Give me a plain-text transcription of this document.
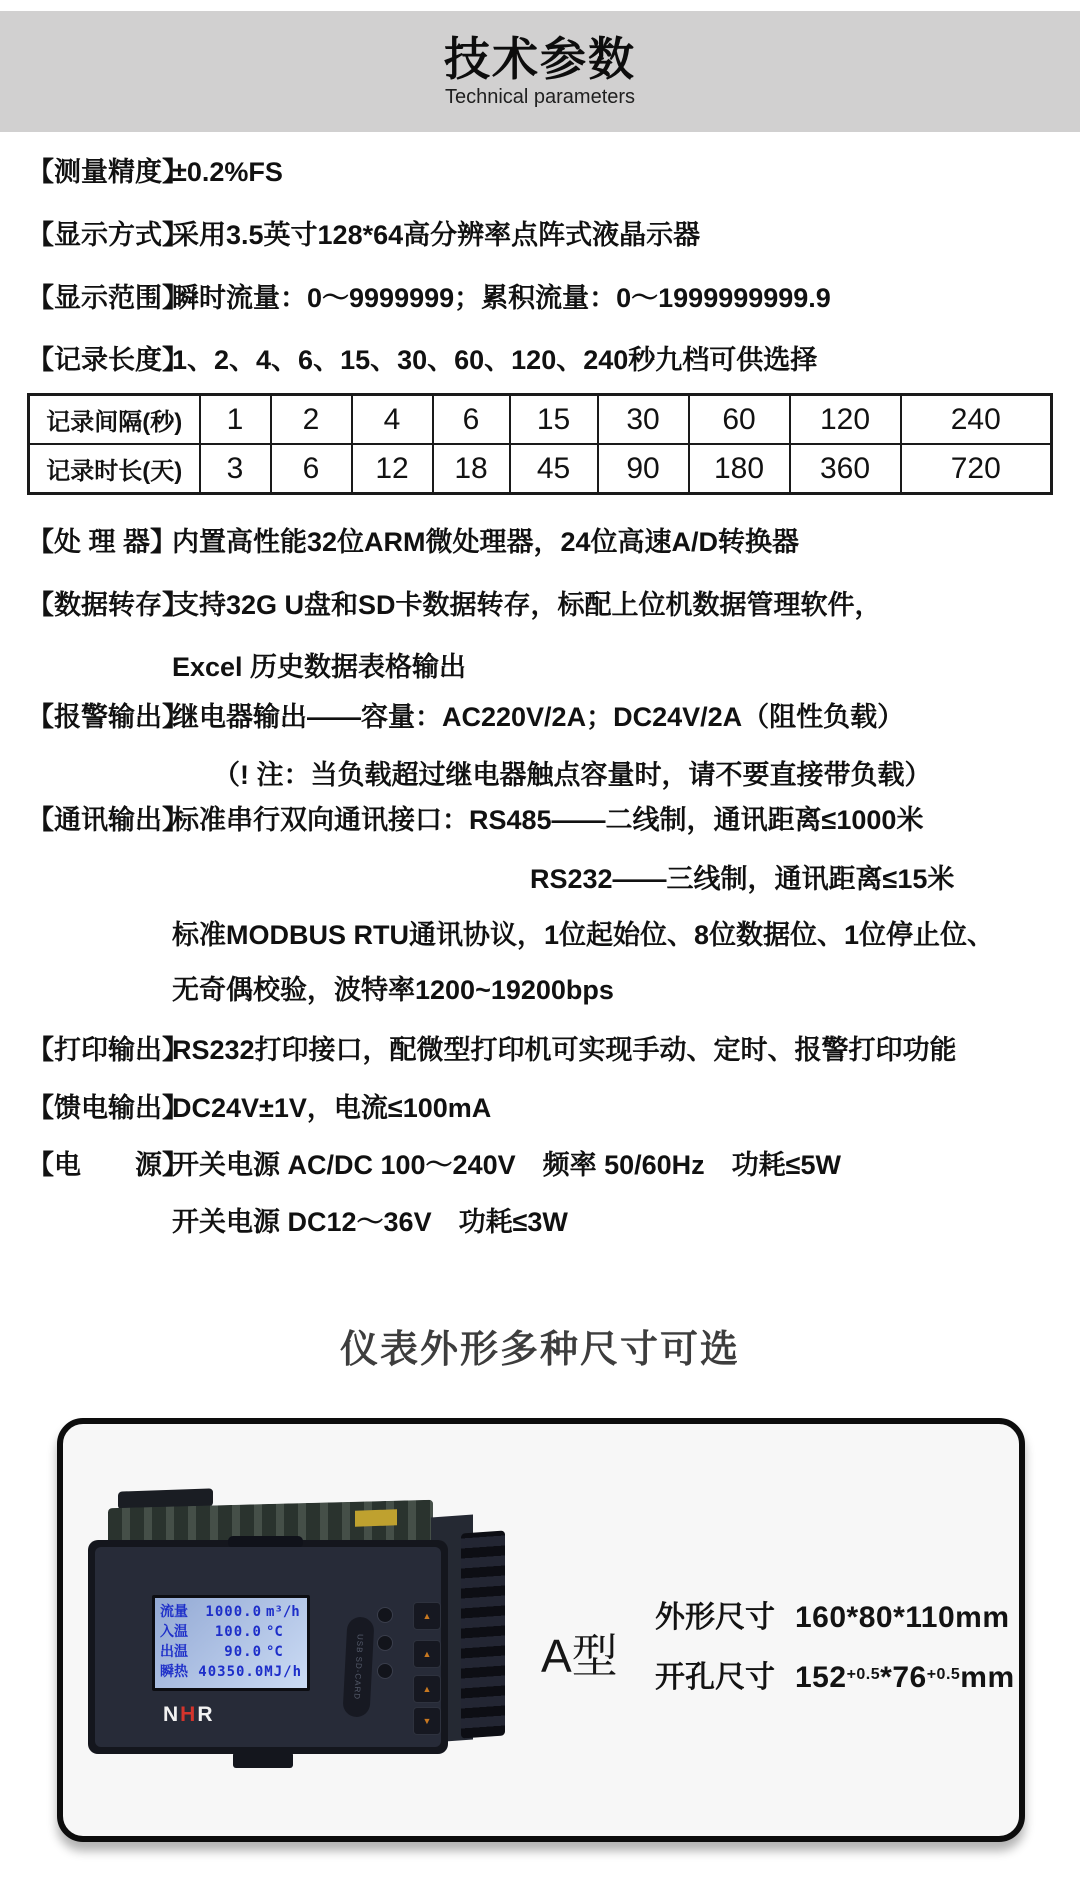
技术参数
Technical parameters
【测量精度】
±0.2%FS
【显示方式】
采用3.5英寸128*64高分辨率点阵式液晶示器
【显示范围】
瞬时流量：0～9999999；累积流量：0～1999999999.9
【记录长度】
1、2、4、6、15、30、60、120、240秒九档可供选择
记录间隔(秒)	1	2	4	6	15	30	60	120	240
记录时长(天)	3	6	12	18	45	90	180	360	720
【处 理 器】
内置高性能32位ARM微处理器，24位高速A/D转换器
【数据转存】
支持32G U盘和SD卡数据转存，标配上位机数据管理软件，
Excel 历史数据表格输出
【报警输出】
继电器输出——容量：AC220V/2A；DC24V/2A（阻性负载）
（! 注：当负载超过继电器触点容量时，请不要直接带负载）
【通讯输出】
标准串行双向通讯接口：RS485——二线制，通讯距离≤1000米
RS232——三线制，通讯距离≤15米
标准MODBUS RTU通讯协议，1位起始位、8位数据位、1位停止位、
无奇偶校验，波特率1200~19200bps
【打印输出】
RS232打印接口，配微型打印机可实现手动、定时、报警打印功能
【馈电输出】
DC24V±1V，电流≤100mA
【电　　源】
开关电源 AC/DC 100～240V　频率 50/60Hz　功耗≤5W
开关电源 DC12～36V　功耗≤3W
仪表外形多种尺寸可选
流量	1000.0 m³/h
入温	100.0 °C
出温	90.0 °C
瞬热 40350.0MJ/h
NHR
USB SD-CARD
▲
▲
▲
▼
A型
外形尺寸 160*80*110mm
开孔尺寸 $152^{+0.5}*76^{+0.5}mm$
